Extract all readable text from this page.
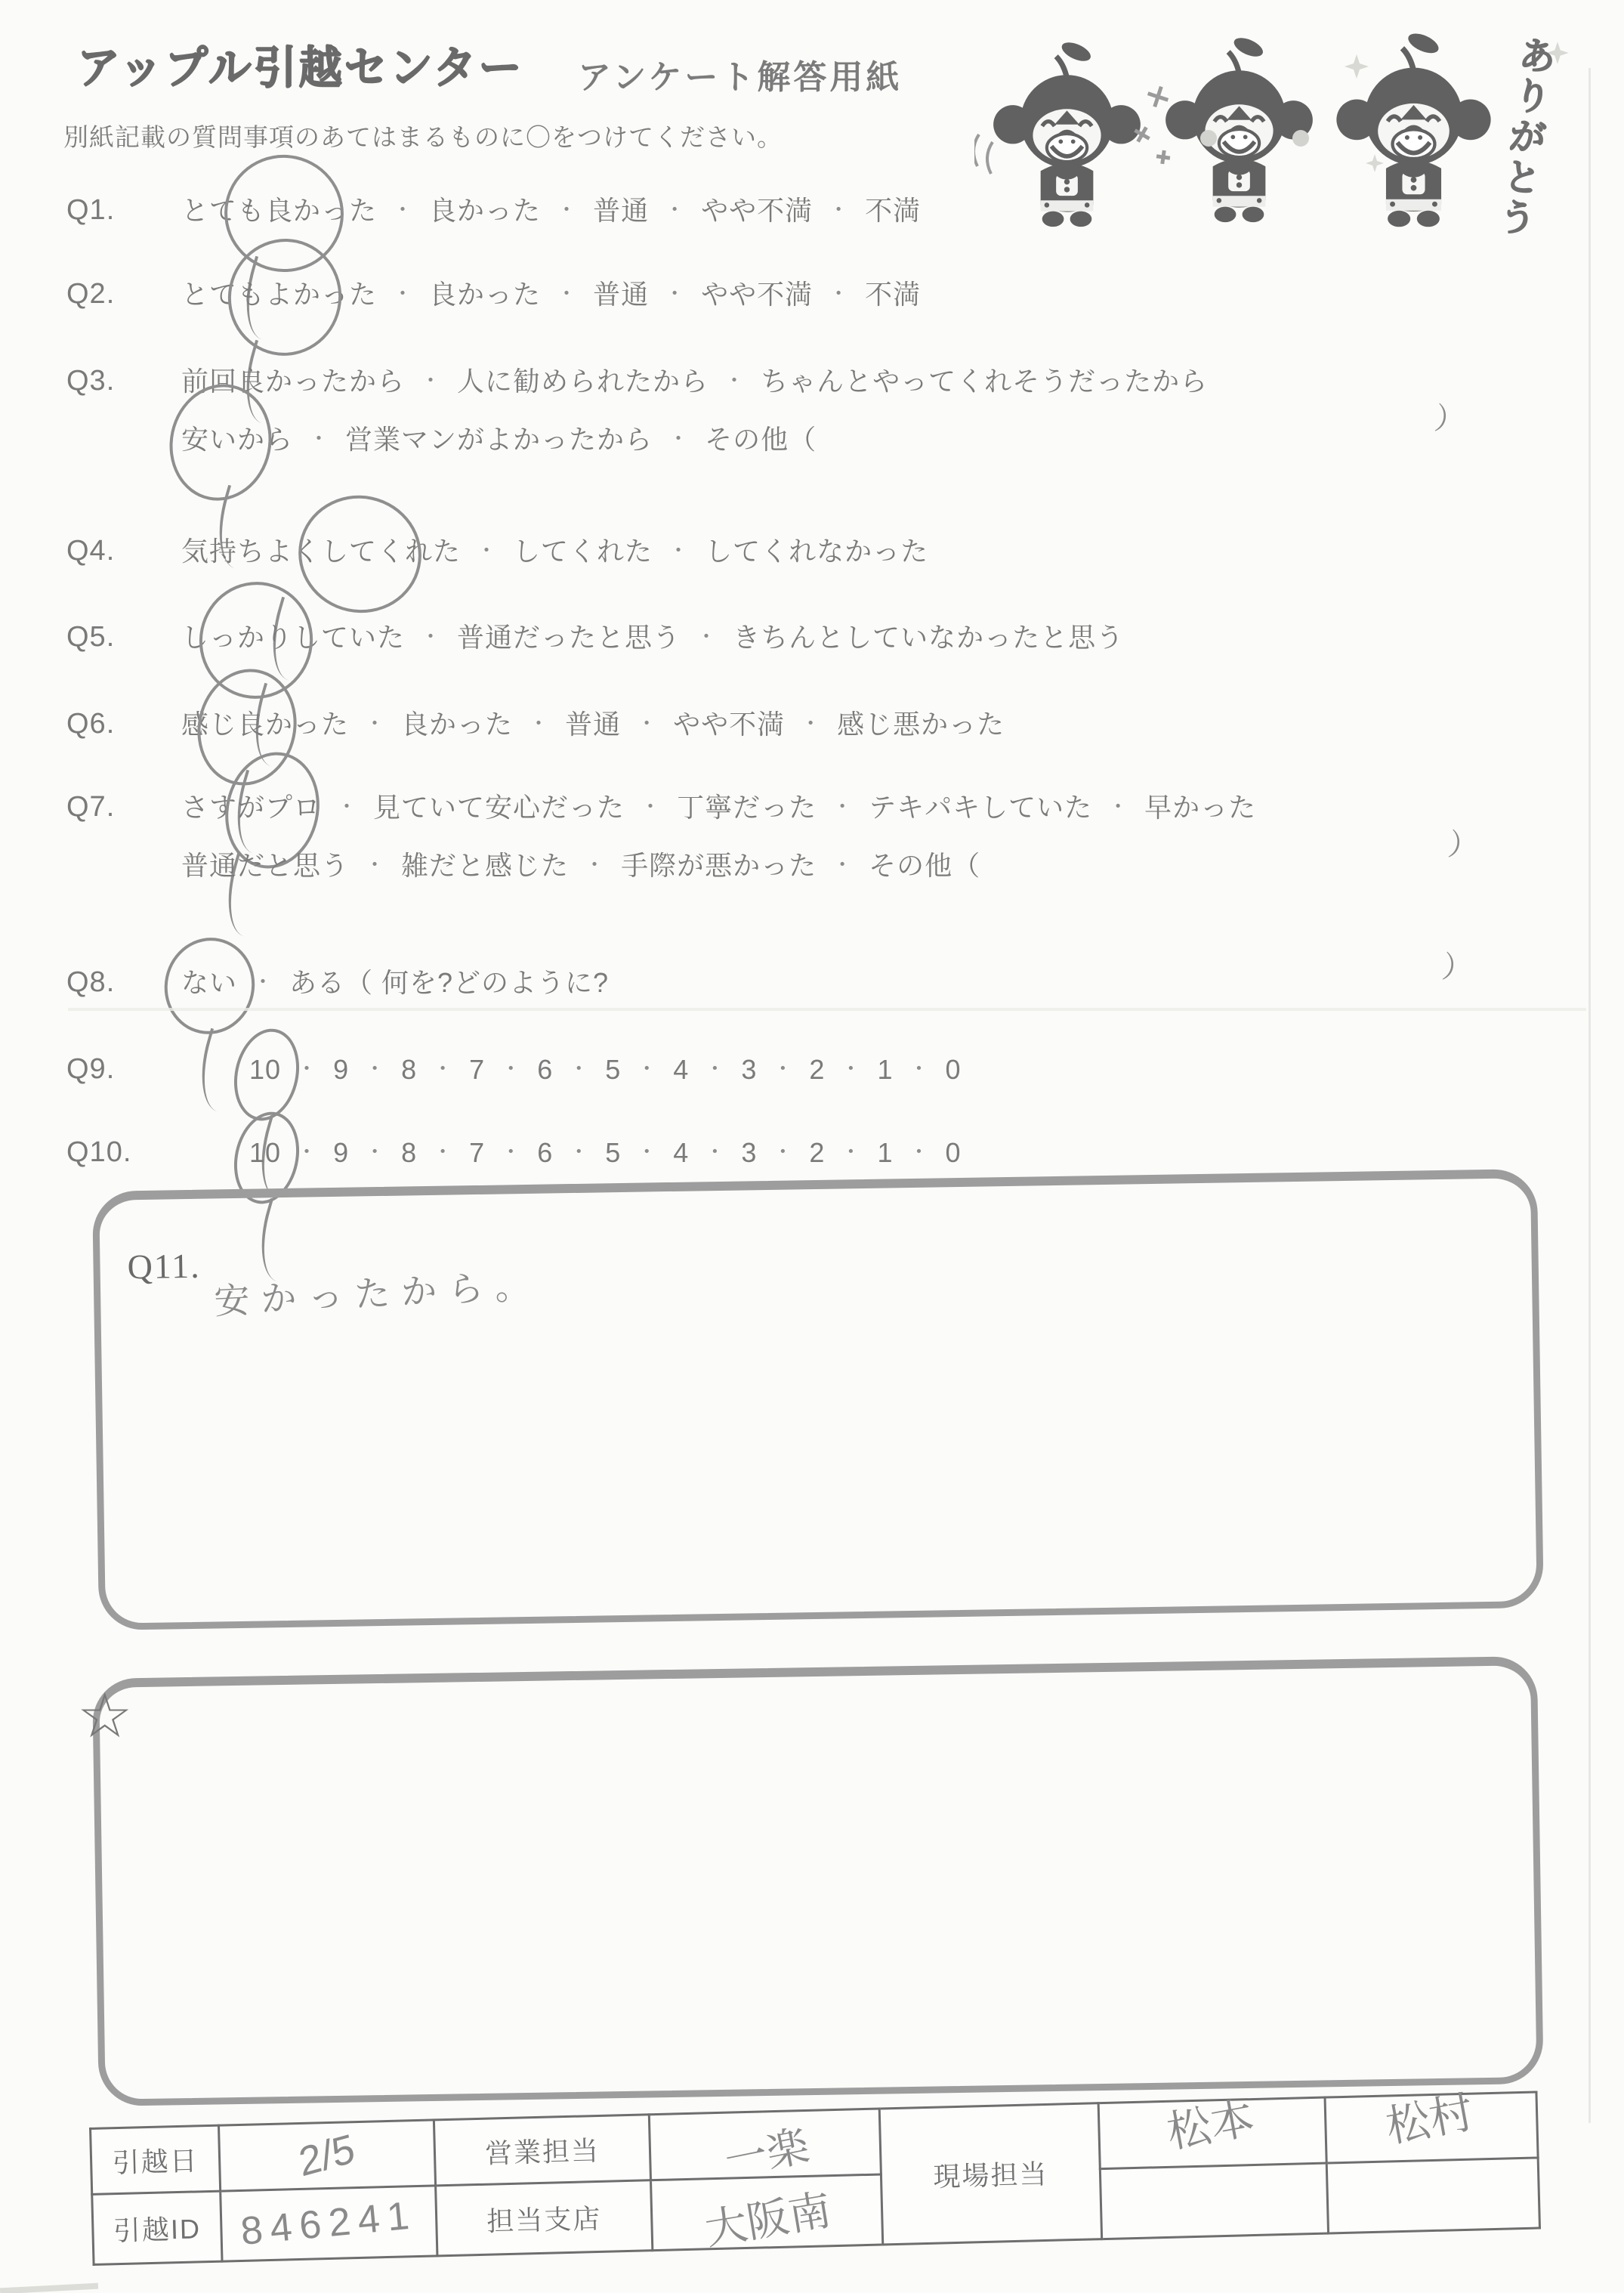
アップル引越センター アンケート解答用紙
別紙記載の質問事項のあてはまるものに〇をつけてください。	ありがとう
Q1. とても良かった ・ 良かった ・ 普通 ・ やや不満 ・ 不満
Q2. とてもよかった ・ 良かった ・ 普通 ・ やや不満 ・ 不満
Q3. 前回良かったから ・ 人に勧められたから ・ ちゃんとやってくれそうだったから
安いから ・ 営業マンがよかったから ・ その他（	）
Q4. 気持ちよくしてくれた ・ してくれた ・ してくれなかった
Q5. しっかりしていた ・ 普通だったと思う ・ きちんとしていなかったと思う
Q6. 感じ良かった ・ 良かった ・ 普通 ・ やや不満 ・ 感じ悪かった
Q7. さすがプロ ・ 見ていて安心だった ・ 丁寧だった ・ テキパキしていた ・ 早かった
普通だと思う ・ 雑だと感じた ・ 手際が悪かった ・ その他（	）
Q8. ない ・ ある（ 何を?どのように?	）
Q9.	10 ・ 9 ・ 8 ・ 7 ・ 6 ・ 5 ・ 4 ・ 3 ・ 2 ・ 1 ・ 0
Q10.	10 ・ 9 ・ 8 ・ 7 ・ 6 ・ 5 ・ 4 ・ 3 ・ 2 ・ 1 ・ 0
Q11. 安かったから。
☆
引越日	2/5	営業担当	一楽	現場担当	松本	松村
引越ID	846241	担当支店	大阪南			
